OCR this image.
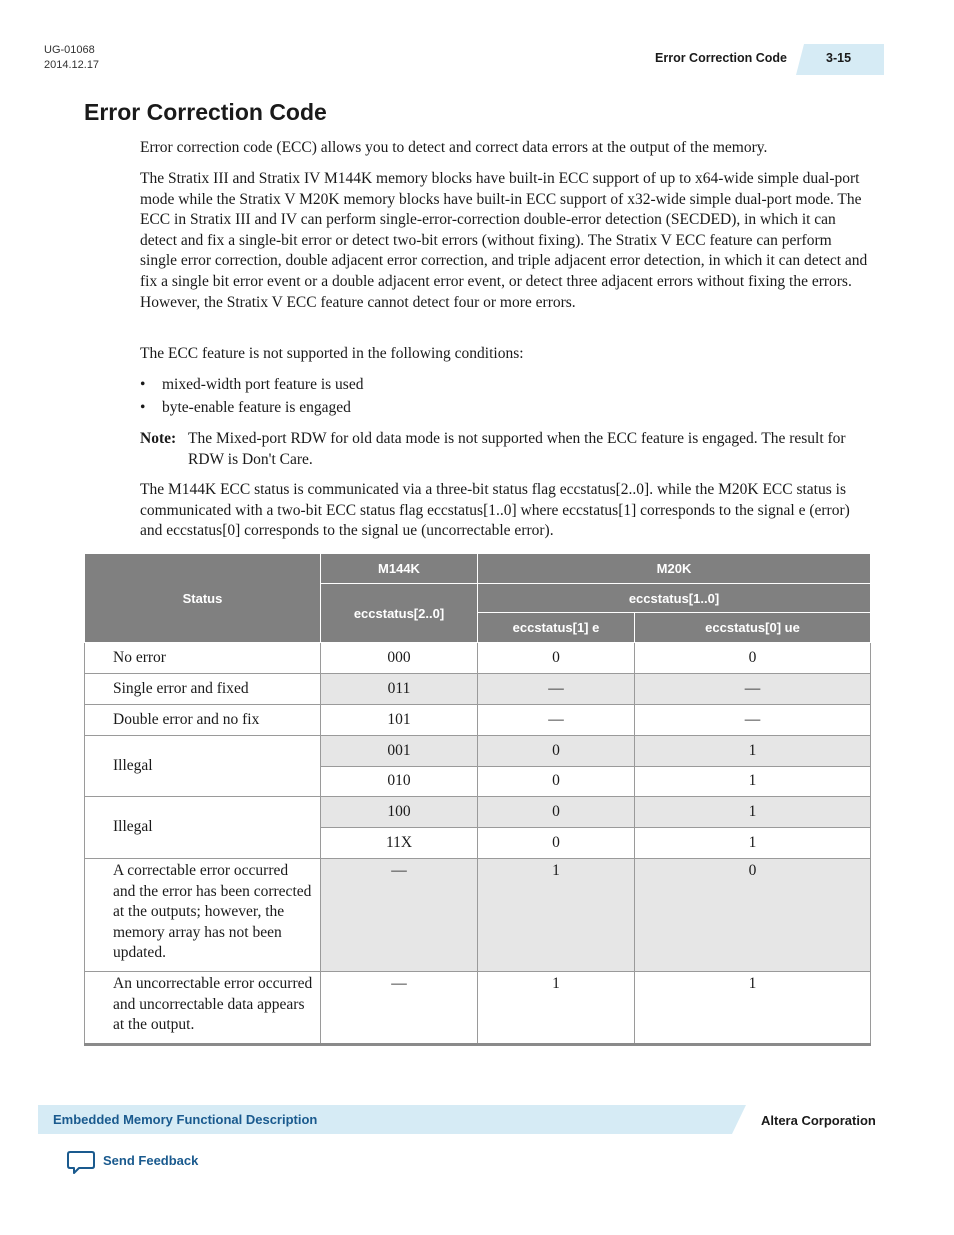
UG-01068
2014.12.17	Error Correction Code	3-15
Error Correction Code
Error correction code (ECC) allows you to detect and correct data errors at the output of the memory.
The Stratix III and Stratix IV M144K memory blocks have built-in ECC support of up to x64-wide simple dual-port mode while the Stratix V M20K memory blocks have built-in ECC support of x32-wide simple dual-port mode. The ECC in Stratix III and IV can perform single-error-correction double-error detection (SECDED), in which it can detect and fix a single-bit error or detect two-bit errors (without fixing). The Stratix V ECC feature can perform single error correction, double adjacent error correction, and triple adjacent error detection, in which it can detect and fix a single bit error event or a double adjacent error event, or detect three adjacent errors without fixing the errors. However, the Stratix V ECC feature cannot detect four or more errors.
The ECC feature is not supported in the following conditions:
• mixed-width port feature is used
• byte-enable feature is engaged
Note: The Mixed-port RDW for old data mode is not supported when the ECC feature is engaged. The result for RDW is Don't Care.
The M144K ECC status is communicated via a three-bit status flag eccstatus[2..0]. while the M20K ECC status is communicated with a two-bit ECC status flag eccstatus[1..0] where eccstatus[1] corresponds to the signal e (error) and eccstatus[0] corresponds to the signal ue (uncorrectable error).
Status	M144K	M20K	
	eccstatus[2..0]	eccstatus[1..0]	
		eccstatus[1] e	eccstatus[0] ue
No error	000	0	0
Single error and fixed	011	—	—
Double error and no fix	101	—	—
Illegal	001	0	1
	010	0	1
Illegal	100	0	1
	11X	0	1
A correctable error occurred and the error has been corrected at the outputs; however, the memory array has not been updated.	—	1	0
An uncorrectable error occurred and uncorrectable data appears at the output.	—	1	1
Embedded Memory Functional Description	Altera Corporation
Send Feedback
